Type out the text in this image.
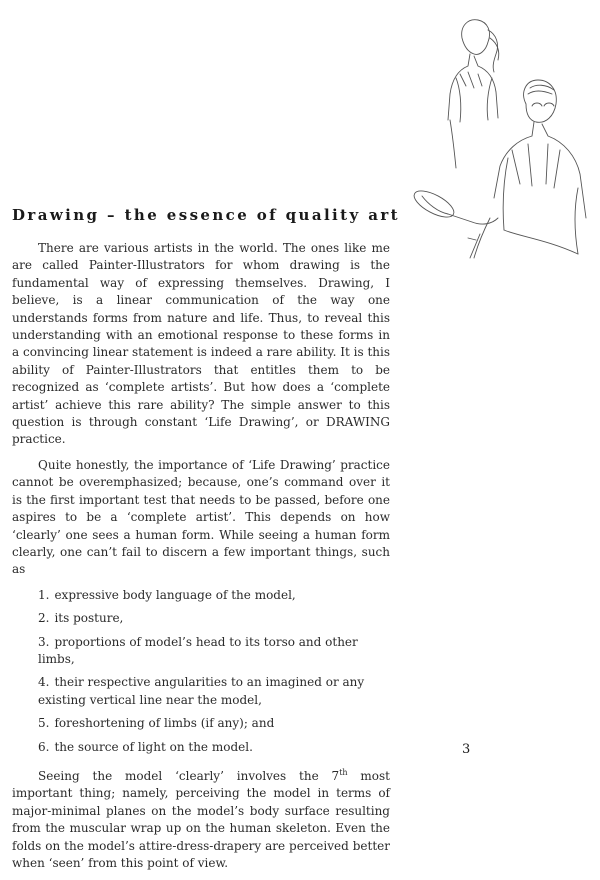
Drawing – the essence of quality art

There are various artists in the world. The ones like me are called Painter-Illustrators for whom drawing is the fundamental way of expressing themselves. Drawing, I believe, is a linear communication of the way one understands forms from nature and life. Thus, to reveal this understanding with an emotional response to these forms in a convincing linear statement is indeed a rare ability. It is this ability of Painter-Illustrators that entitles them to be recognized as ‘complete artists’. But how does a ‘complete artist’ achieve this rare ability? The simple answer to this question is through constant ‘Life Drawing’, or DRAWING practice.

Quite honestly, the importance of ‘Life Drawing’ practice cannot be overemphasized; because, one’s command over it is the first important test that needs to be passed, before one aspires to be a ‘complete artist’. This depends on how ‘clearly’ one sees a human form. While seeing a human form clearly, one can’t fail to discern a few important things, such as

1. expressive body language of the model,
2. its posture,
3. proportions of model’s head to its torso and other limbs,
4. their respective angularities to an imagined or any existing vertical line near the model,
5. foreshortening of limbs (if any); and
6. the source of light on the model.

Seeing the model ‘clearly’ involves the 7th most important thing; namely, perceiving the model in terms of major-minimal planes on the model’s body surface resulting from the muscular wrap up on the human skeleton. Even the folds on the model’s attire-dress-drapery are perceived better when ‘seen’ from this point of view.

3
